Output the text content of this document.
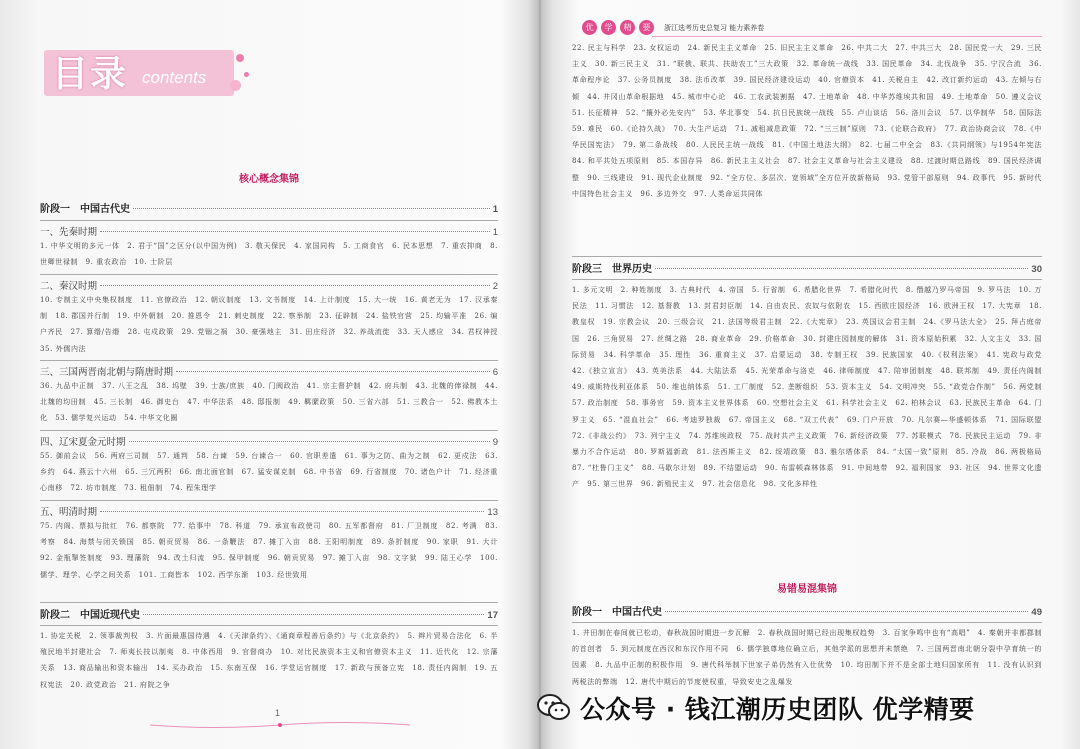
目录 contents
核心概念集锦
阶段一　中国古代史	1
一、先秦时期	1
1. 中华文明的多元一体　2. 君于“国”之区分(以中国为例)　3. 敬天保民　4. 家国同构　5. 工商食官　6. 民本思想　7. 重农抑商　8. 世卿世禄制　9. 重农政治　10. 士阶层
二、秦汉时期	2
10. 专制主义中央集权制度　11. 官僚政治　12. 朝议制度　13. 文书制度　14. 上计制度　15. 大一统　16. 黄老无为　17. 汉承秦制　18. 郡国并行制　19. 中外朝制　20. 推恩令　21. 刺史制度　22. 察举制　23. 征辟制　24. 盐铁官营　25. 均输平准　26. 编户齐民　27. 算缗/告缗　28. 屯戍政策　29. 党锢之祸　30. 豪强地主　31. 田庄经济　32. 养战流徙　33. 天人感应　34. 君权神授　35. 外儒内法
三、三国两晋南北朝与隋唐时期	6
36. 九品中正制　37. 八王之乱　38. 坞壁　39. 士族/庶族　40. 门阀政治　41. 宗主督护制　42. 府兵制　43. 北魏的俸禄制　44. 北魏的均田制　45. 三长制　46. 御史台　47. 中华法系　48. 邸报制　49. 羁縻政策　50. 三省六部　51. 三教合一　52. 佛教本土化　53. 儒学复兴运动　54. 中华文化圈
四、辽宋夏金元时期	9
55. 御前会议　56. 两府三司制　57. 通判　58. 台谏　59. 台谏合一　60. 官职差遣　61. 事为之防、曲为之制　62. 更戍法　63. 乡约　64. 燕云十六州　65. 三冗两积　66. 南北面官制　67. 猛安谋克制　68. 中书省　69. 行省制度　70. 诸色户计　71. 经济重心南移　72. 坊市制度　73. 租佃制　74. 程朱理学
五、明清时期	13
75. 内阁、票拟与批红　76. 都察院　77. 给事中　78. 科道　79. 承宣布政使司　80. 五军都督府　81. 厂卫制度　82. 考满　83. 考察　84. 海禁与闭关锁国　85. 朝贡贸易　86. 一条鞭法　87. 摊丁入亩　88. 王阳明制度　89. 条折制度　90. 家职　91. 大计　92. 金瓶掣签制度　93. 理藩院　94. 改土归流　95. 保甲制度　96. 朝贡贸易　97. 摊丁入亩　98. 文字狱　99. 陆王心学　100. 儒学、理学、心学之间关系　101. 工商皆本　102. 西学东渐　103. 经世致用
阶段二　中国近现代史	17
1. 协定关税　2. 领事裁判权　3. 片面最惠国待遇　4.《天津条约》、《通商章程善后条约》与《北京条约》　5. 辫片贸易合法化　6. 半殖民地半封建社会　7. 师夷长技以制夷　8. 中体西用　9. 官督商办　10. 对比民族资本主义和官僚资本主义　11. 近代化　12. 宗藩关系　13. 商品输出和资本输出　14. 买办政治　15. 东南互保　16. 学堂运官制度　17. 新政与预备立宪　18. 责任内阁制　19. 五权宪法　20. 政党政治　21. 府院之争
1
优	学	精	要	浙江选考历史总复习 能力素养卷
22. 民主与科学　23. 女权运动　24. 新民主主义革命　25. 旧民主主义革命　26. 中共二大　27. 中共三大　28. 国民党一大　29. 三民主义　30. 新三民主义　31. “联俄、联共、扶助农工”三大政策　32. 革命统一战线　33. 国民革命　34. 北伐战争　35. 宁汉合流　36. 革命程序论　37. 公务员制度　38. 法币改革　39. 国民经济建设运动　40. 官僚资本　41. 关税自主　42. 改订新约运动　43. 左倾与右倾　44. 井冈山革命根据地　45. 城市中心论　46. 工农武装割据　47. 土地革命　48. 中华苏维埃共和国　49. 土地革命　50. 遵义会议　51. 长征精神　52. “攘外必先安内”　53. 华北事变　54. 抗日民族统一战线　55. 卢山谈话　56. 洛川会议　57. 以华制华　58. 国际法　59. 难民　60.《论持久战》　70. 大生产运动　71. 减租减息政策　72. “三三制”原则　73.《论联合政府》　77. 政治协商会议　78.《中华民国宪法》　79. 第二条战线　80. 人民民主统一战线　81.《中国土地法大纲》　82. 七届二中全会　83.《共同纲领》与1954年宪法　84. 和平共处五项原则　85. 本国存异　86. 新民主主义社会　87. 社会主义革命与社会主义建设　88. 过渡时期总路线　89. 国民经济调整　90. 三线建设　91. 现代企业制度　92. “全方位、多层次、宽领域”全方位开放新格局　93. 党管干部原则　94. 政事代　95. 新时代中国特色社会主义　96. 多边外交　97. 人类命运共同体
阶段三　世界历史	30
1. 多元文明　2. 种姓制度　3. 古典时代　4. 帝国　5. 行省制　6. 希腊化世界　7. 希腊化时代　8. 僭越乃罗马帝国　9. 罗马法　10. 万民法　11. 习惯法　12. 基督教　13. 封君封臣制　14. 自由农民、农奴与依附农　15. 西欧庄园经济　16. 欧洲王权　17. 大宪章　18. 教皇权　19. 宗教会议　20. 三级会议　21. 法国等级君主制　22.《大宪章》　23. 英国议会君主制　24.《罗马法大全》　25. 拜占庭帝国　26. 三角贸易　27. 丝绸之路　28. 商业革命　29. 价格革命　30. 封建庄园制度的解体　31. 资本原始积累　32. 人文主义　33. 国际贸易　34. 科学革命　35. 理性　36. 重商主义　37. 启蒙运动　38. 专制王权　39. 民族国家　40.《权利法案》　41. 宪政与政党　42.《独立宣言》　43. 英美法系　44. 大陆法系　45. 光荣革命与洛克　46. 律师制度　47. 陪审团制度　48. 联邦制　49. 责任内阁制　49. 威斯特伐利亚体系　50. 维也纳体系　51. 工厂制度　52. 垄断组织　53. 资本主义　54. 文明冲突　55. “政党合作制”　56. 两党制　57. 政治制度　58. 事务官　59. 资本主义世界体系　60. 空想社会主义　61. 科学社会主义　62. 柏林会议　63. 民族民主革命　64. 门罗主义　65. “混血社会”　66. 考迪罗独裁　67. 帝国主义　68. “双工代表”　69. 门户开放　70. 凡尔赛—华盛顿体系　71. 国际联盟　72.《非战公约》　73. 列宁主义　74. 苏维埃政权　75. 战时共产主义政策　76. 新经济政策　77. 苏联模式　78. 民族民主运动　79. 非暴力不合作运动　80. 罗斯福新政　81. 法西斯主义　82. 绥靖政策　83. 雅尔塔体系　84. “太国一致”原则　85. 冷战　86. 两极格局　87. “杜鲁门主义”　88. 马歇尔计划　89. 不结盟运动　90. 布雷顿森林体系　91. 中间地带　92. 福利国家　93. 社区　94. 世界文化遗产　95. 第三世界　96. 新殖民主义　97. 社会信息化　98. 文化多样性
易错易混集锦
阶段一　中国古代史	49
1. 井田制在春间就已松动，春秋战国时期进一步瓦解　2. 春秋战国时期已经出现集权趋势　3. 百家争鸣中也有“高唱”　4. 秦朝并非都郡制的首创者　5. 到元制度在西汉和东汉作用不同　6. 儒学独尊地位确立后，其他学派的思想并未禁绝　7. 三国两晋南北朝分裂中孕育统一的因素　8. 九品中正制的积极作用　9. 唐代科举制下世家子弟仍然有入仕优势　10. 均田制下并不是全部土地归国家所有　11. 没有认识到两税法的弊端　12. 唐代中期后的节度使权重，导致安史之乱爆发
公众号 · 钱江潮历史团队 优学精要
